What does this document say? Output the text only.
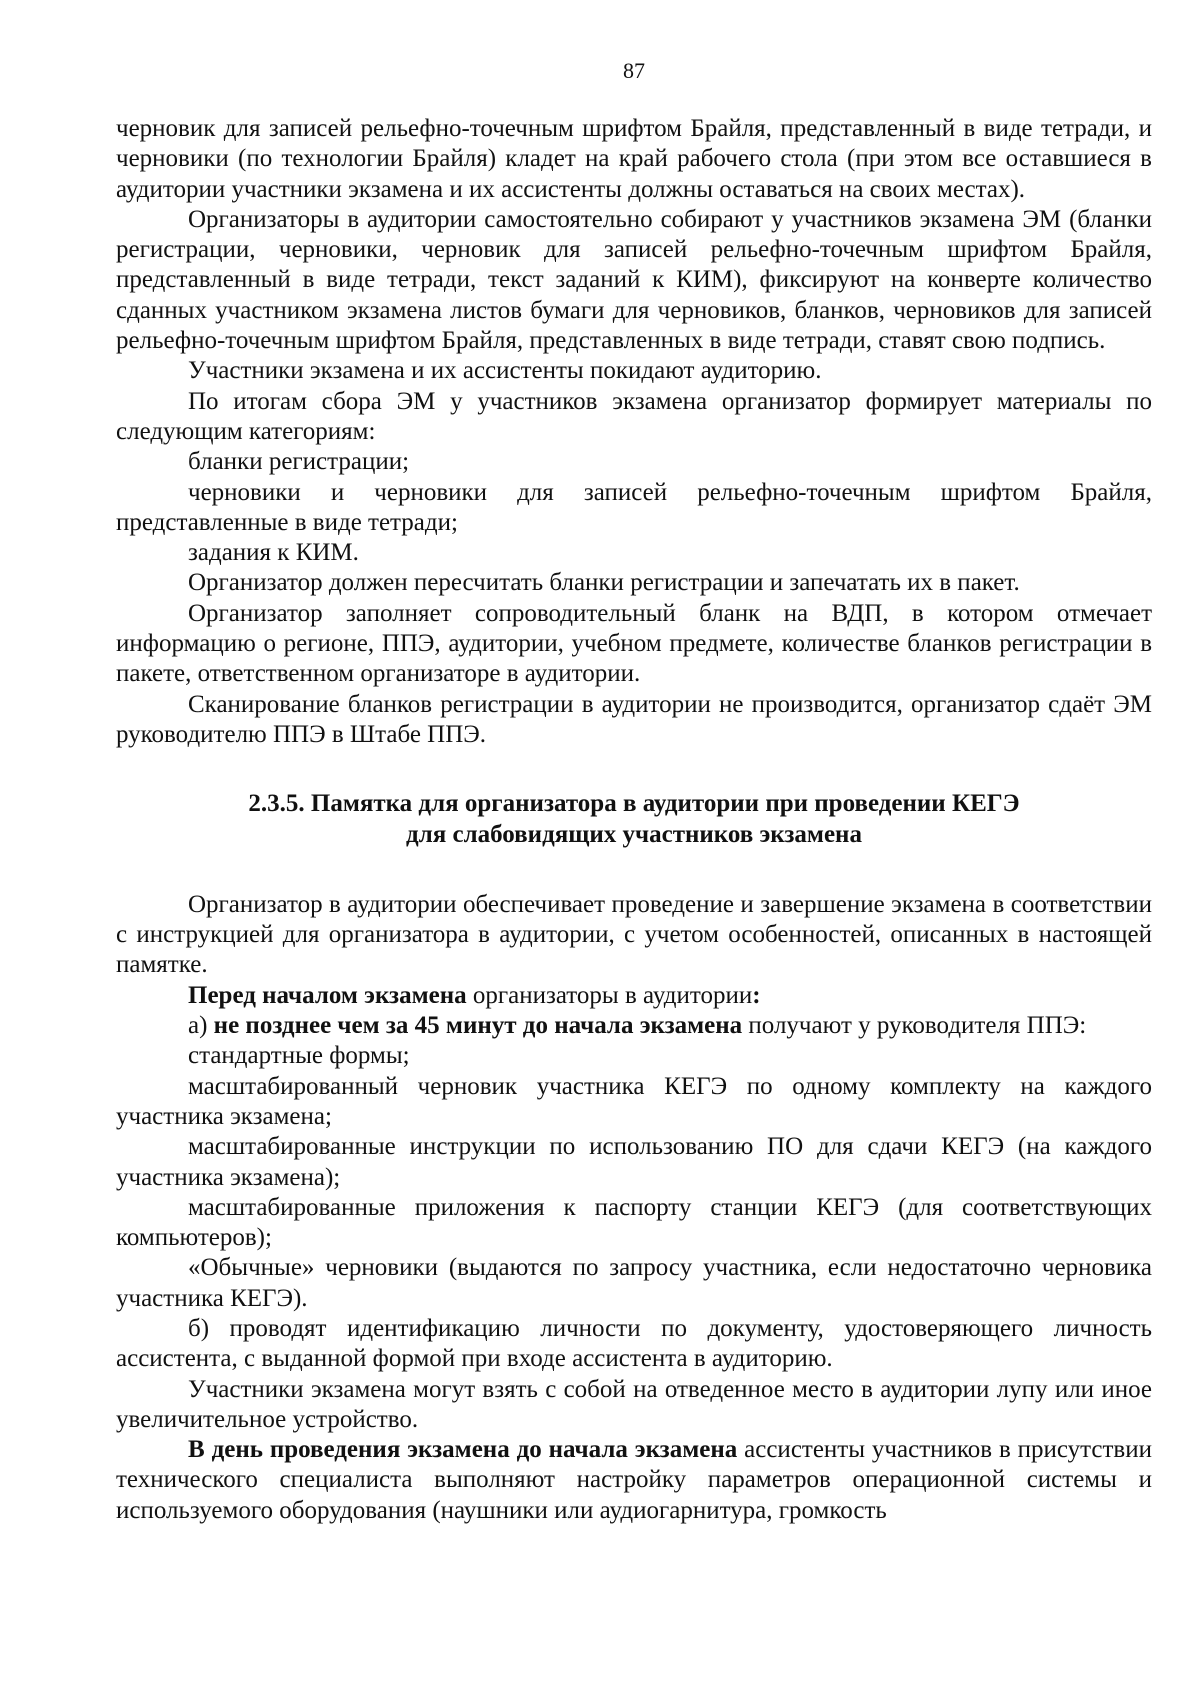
87

черновик для записей рельефно-точечным шрифтом Брайля, представленный в виде тетради, и черновики (по технологии Брайля) кладет на край рабочего стола (при этом все оставшиеся в аудитории участники экзамена и их ассистенты должны оставаться на своих местах).

Организаторы в аудитории самостоятельно собирают у участников экзамена ЭМ (бланки регистрации, черновики, черновик для записей рельефно-точечным шрифтом Брайля, представленный в виде тетради, текст заданий к КИМ), фиксируют на конверте количество сданных участником экзамена листов бумаги для черновиков, бланков, черновиков для записей рельефно-точечным шрифтом Брайля, представленных в виде тетради, ставят свою подпись.

Участники экзамена и их ассистенты покидают аудиторию.

По итогам сбора ЭМ у участников экзамена организатор формирует материалы по следующим категориям:

бланки регистрации;

черновики и черновики для записей рельефно-точечным шрифтом Брайля, представленные в виде тетради;

задания к КИМ.

Организатор должен пересчитать бланки регистрации и запечатать их в пакет.

Организатор заполняет сопроводительный бланк на ВДП, в котором отмечает информацию о регионе, ППЭ, аудитории, учебном предмете, количестве бланков регистрации в пакете, ответственном организаторе в аудитории.

Сканирование бланков регистрации в аудитории не производится, организатор сдаёт ЭМ руководителю ППЭ в Штабе ППЭ.

2.3.5. Памятка для организатора в аудитории при проведении КЕГЭ
для слабовидящих участников экзамена

Организатор в аудитории обеспечивает проведение и завершение экзамена в соответствии с инструкцией для организатора в аудитории, с учетом особенностей, описанных в настоящей памятке.

Перед началом экзамена организаторы в аудитории:

а) не позднее чем за 45 минут до начала экзамена получают у руководителя ППЭ:

стандартные формы;

масштабированный черновик участника КЕГЭ по одному комплекту на каждого участника экзамена;

масштабированные инструкции по использованию ПО для сдачи КЕГЭ (на каждого участника экзамена);

масштабированные приложения к паспорту станции КЕГЭ (для соответствующих компьютеров);

«Обычные» черновики (выдаются по запросу участника, если недостаточно черновика участника КЕГЭ).

б) проводят идентификацию личности по документу, удостоверяющего личность ассистента, с выданной формой при входе ассистента в аудиторию.

Участники экзамена могут взять с собой на отведенное место в аудитории лупу или иное увеличительное устройство.

В день проведения экзамена до начала экзамена ассистенты участников в присутствии технического специалиста выполняют настройку параметров операционной системы и используемого оборудования (наушники или аудиогарнитура, громкость
